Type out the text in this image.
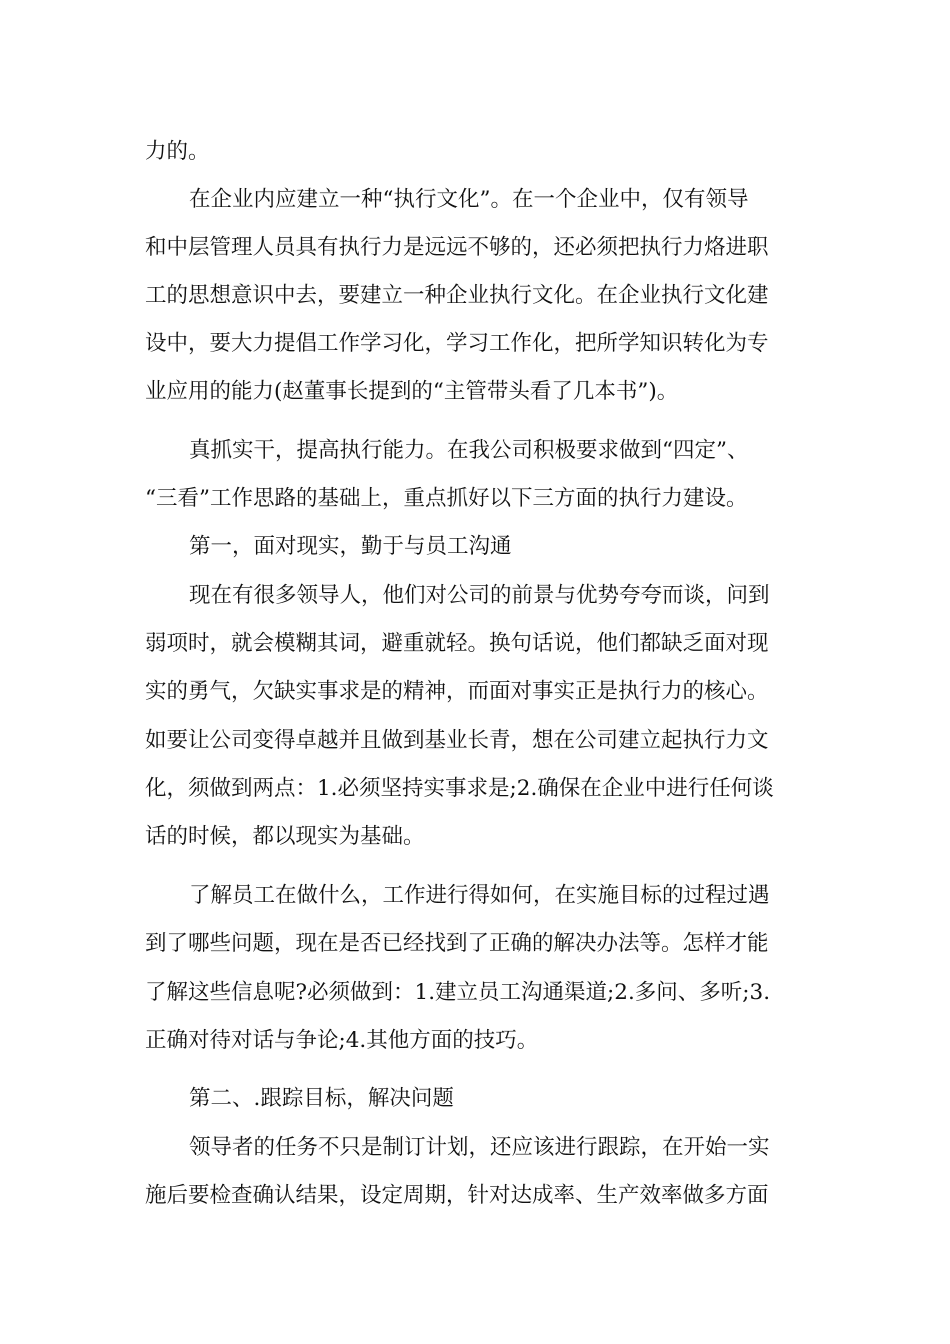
力的。
在企业内应建立一种“执行文化”。在一个企业中，仅有领导
和中层管理人员具有执行力是远远不够的，还必须把执行力烙进职
工的思想意识中去，要建立一种企业执行文化。在企业执行文化建
设中，要大力提倡工作学习化，学习工作化，把所学知识转化为专
业应用的能力(赵董事长提到的“主管带头看了几本书”)。
真抓实干，提高执行能力。在我公司积极要求做到“四定”、
“三看”工作思路的基础上，重点抓好以下三方面的执行力建设。
第一，面对现实，勤于与员工沟通
现在有很多领导人，他们对公司的前景与优势夸夸而谈，问到
弱项时，就会模糊其词，避重就轻。换句话说，他们都缺乏面对现
实的勇气，欠缺实事求是的精神，而面对事实正是执行力的核心。
如要让公司变得卓越并且做到基业长青，想在公司建立起执行力文
化，须做到两点：1.必须坚持实事求是;2.确保在企业中进行任何谈
话的时候，都以现实为基础。
了解员工在做什么，工作进行得如何，在实施目标的过程过遇
到了哪些问题，现在是否已经找到了正确的解决办法等。怎样才能
了解这些信息呢?必须做到：1.建立员工沟通渠道;2.多问、多听;3.
正确对待对话与争论;4.其他方面的技巧。
第二、.跟踪目标，解决问题
领导者的任务不只是制订计划，还应该进行跟踪，在开始一实
施后要检查确认结果，设定周期，针对达成率、生产效率做多方面
